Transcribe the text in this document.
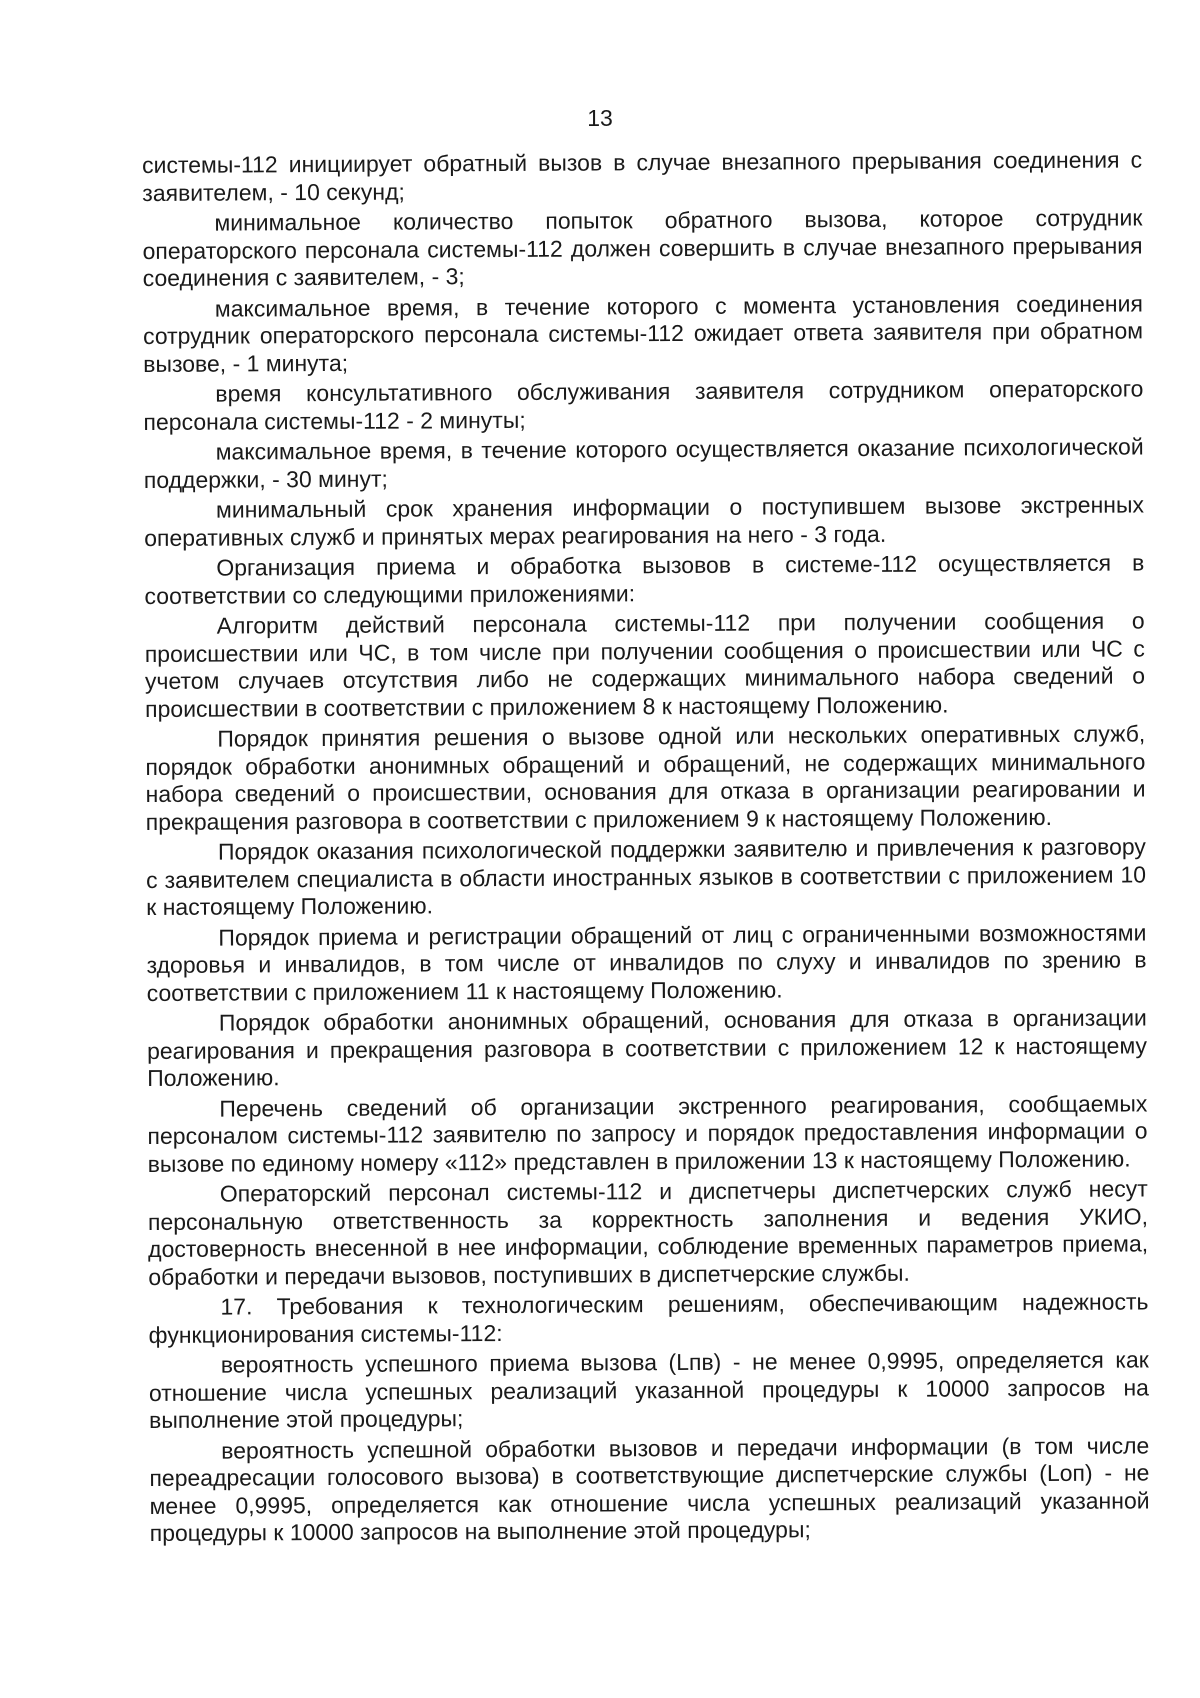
13

системы-112 инициирует обратный вызов в случае внезапного прерывания соединения с заявителем, - 10 секунд;

минимальное количество попыток обратного вызова, которое сотрудник операторского персонала системы-112 должен совершить в случае внезапного прерывания соединения с заявителем, - 3;

максимальное время, в течение которого с момента установления соединения сотрудник операторского персонала системы-112 ожидает ответа заявителя при обратном вызове, - 1 минута;

время консультативного обслуживания заявителя сотрудником операторского персонала системы-112 - 2 минуты;

максимальное время, в течение которого осуществляется оказание психологической поддержки, - 30 минут;

минимальный срок хранения информации о поступившем вызове экстренных оперативных служб и принятых мерах реагирования на него - 3 года.

Организация приема и обработка вызовов в системе-112 осуществляется в соответствии со следующими приложениями:

Алгоритм действий персонала системы-112 при получении сообщения о происшествии или ЧС, в том числе при получении сообщения о происшествии или ЧС с учетом случаев отсутствия либо не содержащих минимального набора сведений о происшествии в соответствии с приложением 8 к настоящему Положению.

Порядок принятия решения о вызове одной или нескольких оперативных служб, порядок обработки анонимных обращений и обращений, не содержащих минимального набора сведений о происшествии, основания для отказа в организации реагировании и прекращения разговора в соответствии с приложением 9 к настоящему Положению.

Порядок оказания психологической поддержки заявителю и привлечения к разговору с заявителем специалиста в области иностранных языков в соответствии с приложением 10 к настоящему Положению.

Порядок приема и регистрации обращений от лиц с ограниченными возможностями здоровья и инвалидов, в том числе от инвалидов по слуху и инвалидов по зрению в соответствии с приложением 11 к настоящему Положению.

Порядок обработки анонимных обращений, основания для отказа в организации реагирования и прекращения разговора в соответствии с приложением 12 к настоящему Положению.

Перечень сведений об организации экстренного реагирования, сообщаемых персоналом системы-112 заявителю по запросу и порядок предоставления информации о вызове по единому номеру «112» представлен в приложении 13 к настоящему Положению.

Операторский персонал системы-112 и диспетчеры диспетчерских служб несут персональную ответственность за корректность заполнения и ведения УКИО, достоверность внесенной в нее информации, соблюдение временных параметров приема, обработки и передачи вызовов, поступивших в диспетчерские службы.

17. Требования к технологическим решениям, обеспечивающим надежность функционирования системы-112:

вероятность успешного приема вызова (Lпв) - не менее 0,9995, определяется как отношение числа успешных реализаций указанной процедуры к 10000 запросов на выполнение этой процедуры;

вероятность успешной обработки вызовов и передачи информации (в том числе переадресации голосового вызова) в соответствующие диспетчерские службы (Lоп) - не менее 0,9995, определяется как отношение числа успешных реализаций указанной процедуры к 10000 запросов на выполнение этой процедуры;
